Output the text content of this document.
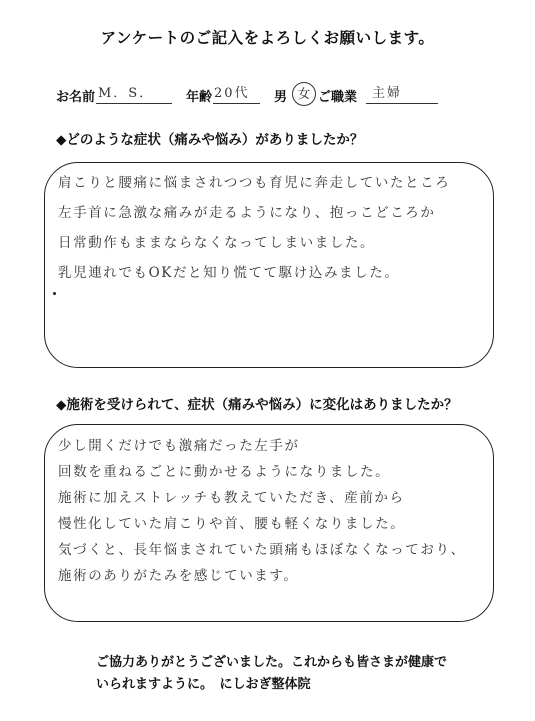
アンケートのご記入をよろしくお願いします。
お名前 M．S． 年齢 20代 男 女 ご職業 主婦
◆どのような症状（痛みや悩み）がありましたか？
肩こりと腰痛に悩まされつつも育児に奔走していたところ
左手首に急激な痛みが走るようになり、抱っこどころか
日常動作もままならなくなってしまいました。
乳児連れでもOKだと知り慌てて駆け込みました。
◆施術を受けられて、症状（痛みや悩み）に変化はありましたか？
少し開くだけでも激痛だった左手が
回数を重ねるごとに動かせるようになりました。
施術に加えストレッチも教えていただき、産前から
慢性化していた肩こりや首、腰も軽くなりました。
気づくと、長年悩まされていた頭痛もほぼなくなっており、
施術のありがたみを感じています。
ご協力ありがとうございました。これからも皆さまが健康で
いられますように。　にしおぎ整体院
